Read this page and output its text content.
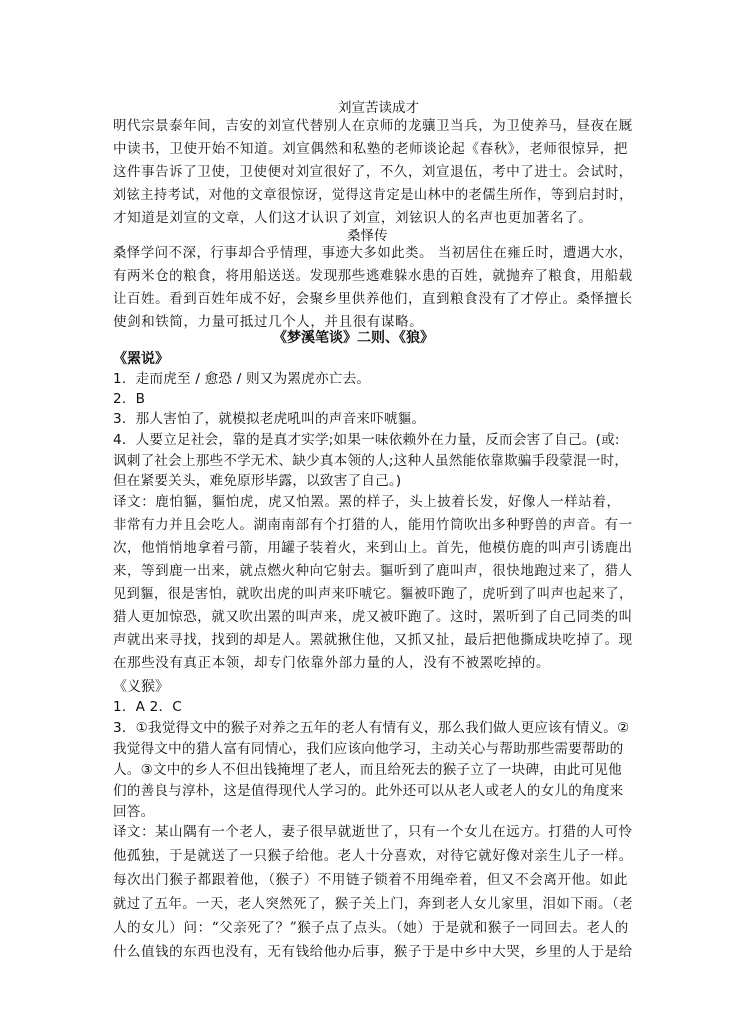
刘宣苦读成才
明代宗景泰年间，吉安的刘宣代替别人在京师的龙骧卫当兵，为卫使养马，昼夜在厩
中读书，卫使开始不知道。刘宣偶然和私塾的老师谈论起《春秋》，老师很惊异，把
这件事告诉了卫使，卫使便对刘宣很好了，不久，刘宣退伍，考中了进士。会试时，
刘铉主持考试，对他的文章很惊讶，觉得这肯定是山林中的老儒生所作，等到启封时，
才知道是刘宣的文章，人们这才认识了刘宣，刘铉识人的名声也更加著名了。
桑怿传
桑怿学问不深，行事却合乎情理，事迹大多如此类。 当初居住在雍丘时，遭遇大水，
有两米仓的粮食，将用船送送。发现那些逃难躲水患的百姓，就抛弃了粮食，用船载
让百姓。看到百姓年成不好，会聚乡里供养他们，直到粮食没有了才停止。桑怿擅长
使剑和铁简，力量可抵过几个人，并且很有谋略。
《梦溪笔谈》二则、《狼》
《罴说》
1．走而虎至 / 愈恐 / 则又为罴虎亦亡去。
2．B
3．那人害怕了，就模拟老虎吼叫的声音来吓唬貙。
4．人要立足社会，靠的是真才实学;如果一味依赖外在力量，反而会害了自己。(或:
讽刺了社会上那些不学无术、缺少真本领的人;这种人虽然能依靠欺骗手段蒙混一时，
但在紧要关头，难免原形毕露，以致害了自己。)
译文：鹿怕貙，貙怕虎，虎又怕罴。罴的样子，头上披着长发，好像人一样站着，
非常有力并且会吃人。湖南南部有个打猎的人，能用竹筒吹出多种野兽的声音。有一
次，他悄悄地拿着弓箭，用罐子装着火，来到山上。首先，他模仿鹿的叫声引诱鹿出
来，等到鹿一出来，就点燃火种向它射去。貙听到了鹿叫声，很快地跑过来了，猎人
见到貙，很是害怕，就吹出虎的叫声来吓唬它。貙被吓跑了，虎听到了叫声也起来了，
猎人更加惊恐，就又吹出罴的叫声来，虎又被吓跑了。这时，罴听到了自己同类的叫
声就出来寻找，找到的却是人。罴就揪住他，又抓又扯，最后把他撕成块吃掉了。现
在那些没有真正本领，却专门依靠外部力量的人，没有不被罴吃掉的。
《义猴》
1．A 2．C
3．①我觉得文中的猴子对养之五年的老人有情有义，那么我们做人更应该有情义。②
我觉得文中的猎人富有同情心，我们应该向他学习，主动关心与帮助那些需要帮助的
人。③文中的乡人不但出钱掩埋了老人，而且给死去的猴子立了一块碑，由此可见他
们的善良与淳朴，这是值得现代人学习的。此外还可以从老人或老人的女儿的角度来
回答。
译文：某山隅有一个老人，妻子很早就逝世了，只有一个女儿在远方。打猎的人可怜
他孤独，于是就送了一只猴子给他。老人十分喜欢，对待它就好像对亲生儿子一样。
每次出门猴子都跟着他，（猴子）不用链子锁着不用绳牵着，但又不会离开他。如此
就过了五年。一天，老人突然死了，猴子关上门，奔到老人女儿家里，泪如下雨。（老
人的女儿）问：“父亲死了？”猴子点了点头。（她）于是就和猴子一同回去。老人的
什么值钱的东西也没有，无有钱给他办后事，猴子于是中乡中大哭，乡里的人于是给
